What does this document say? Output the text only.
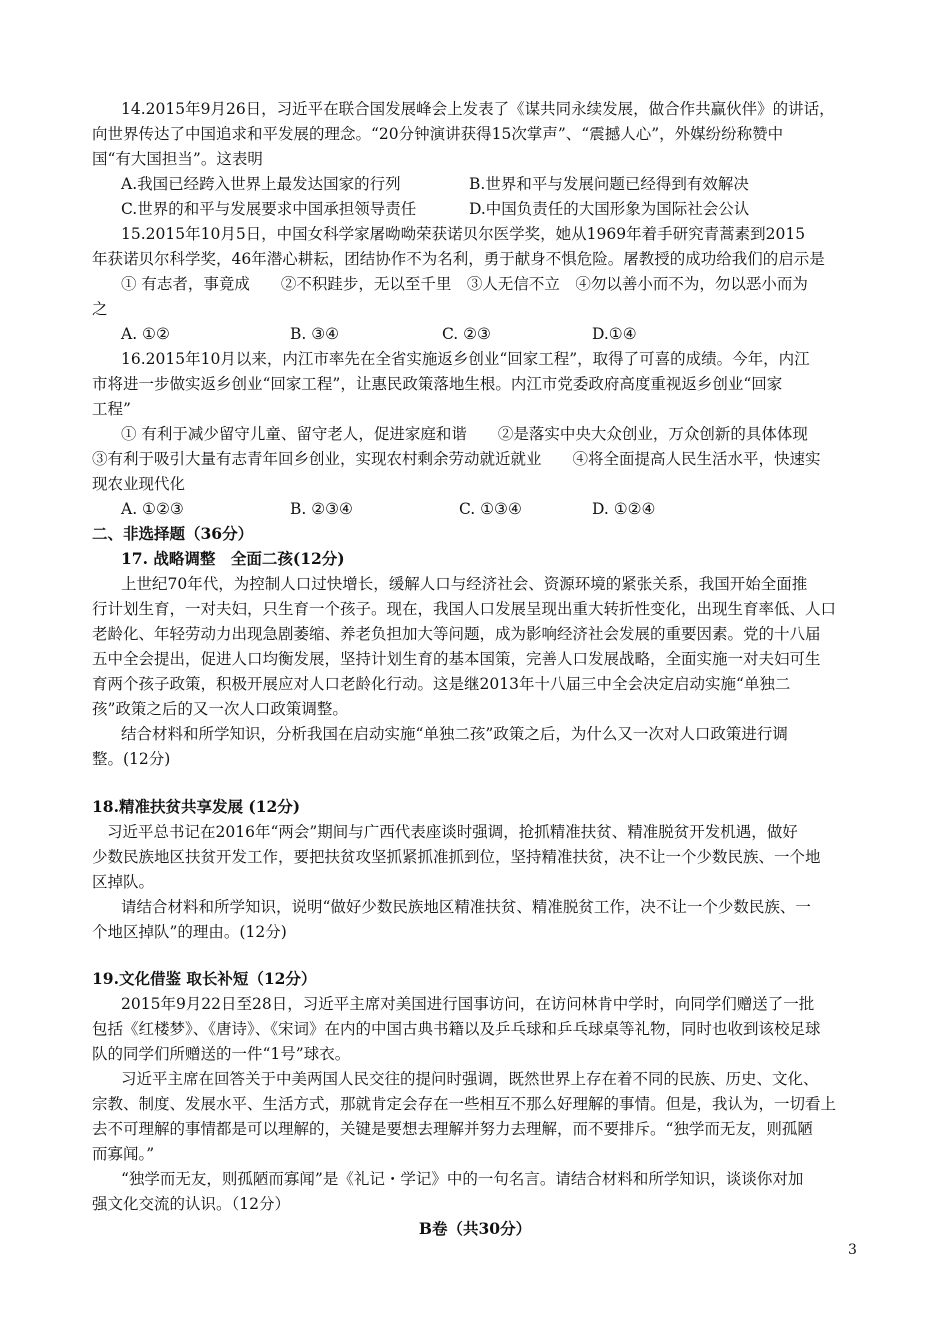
14.2015年9月26日，习近平在联合国发展峰会上发表了《谋共同永续发展，做合作共赢伙伴》的讲话，
向世界传达了中国追求和平发展的理念。“20分钟演讲获得15次掌声”、“震撼人心”，外媒纷纷称赞中
国“有大国担当”。这表明
A.我国已经跨入世界上最发达国家的行列	B.世界和平与发展问题已经得到有效解决
C.世界的和平与发展要求中国承担领导责任	D.中国负责任的大国形象为国际社会公认
15.2015年10月5日，中国女科学家屠呦呦荣获诺贝尔医学奖，她从1969年着手研究青蒿素到2015
年获诺贝尔科学奖，46年潜心耕耘，团结协作不为名利，勇于献身不惧危险。屠教授的成功给我们的启示是
① 有志者，事竟成　　②不积跬步，无以至千里　③人无信不立　④勿以善小而不为，勿以恶小而为
之
A. ①②	B. ③④	C. ②③	D.①④
16.2015年10月以来，内江市率先在全省实施返乡创业“回家工程”，取得了可喜的成绩。今年，内江
市将进一步做实返乡创业“回家工程”，让惠民政策落地生根。内江市党委政府高度重视返乡创业“回家
工程”
① 有利于减少留守儿童、留守老人，促进家庭和谐　　②是落实中央大众创业，万众创新的具体体现
③有利于吸引大量有志青年回乡创业，实现农村剩余劳动就近就业　　④将全面提高人民生活水平，快速实
现农业现代化
A. ①②③	B. ②③④	C. ①③④	D. ①②④
二、非选择题（36分）
17. 战略调整　全面二孩(12分)
上世纪70年代，为控制人口过快增长，缓解人口与经济社会、资源环境的紧张关系，我国开始全面推
行计划生育，一对夫妇，只生育一个孩子。现在，我国人口发展呈现出重大转折性变化，出现生育率低、人口
老龄化、年轻劳动力出现急剧萎缩、养老负担加大等问题，成为影响经济社会发展的重要因素。党的十八届
五中全会提出，促进人口均衡发展，坚持计划生育的基本国策，完善人口发展战略，全面实施一对夫妇可生
育两个孩子政策，积极开展应对人口老龄化行动。这是继2013年十八届三中全会决定启动实施“单独二
孩”政策之后的又一次人口政策调整。
结合材料和所学知识，分析我国在启动实施“单独二孩”政策之后，为什么又一次对人口政策进行调
整。(12分)
18.精准扶贫共享发展 (12分)
习近平总书记在2016年“两会”期间与广西代表座谈时强调，抢抓精准扶贫、精准脱贫开发机遇，做好
少数民族地区扶贫开发工作，要把扶贫攻坚抓紧抓准抓到位，坚持精准扶贫，决不让一个少数民族、一个地
区掉队。
请结合材料和所学知识，说明“做好少数民族地区精准扶贫、精准脱贫工作，决不让一个少数民族、一
个地区掉队”的理由。(12分)
19.文化借鉴 取长补短（12分）
2015年9月22日至28日，习近平主席对美国进行国事访问，在访问林肯中学时，向同学们赠送了一批
包括《红楼梦》、《唐诗》、《宋词》在内的中国古典书籍以及乒乓球和乒乓球桌等礼物，同时也收到该校足球
队的同学们所赠送的一件“1号”球衣。
习近平主席在回答关于中美两国人民交往的提问时强调，既然世界上存在着不同的民族、历史、文化、
宗教、制度、发展水平、生活方式，那就肯定会存在一些相互不那么好理解的事情。但是，我认为，一切看上
去不可理解的事情都是可以理解的，关键是要想去理解并努力去理解，而不要排斥。“独学而无友，则孤陋
而寡闻。”
“独学而无友，则孤陋而寡闻”是《礼记・学记》中的一句名言。请结合材料和所学知识，谈谈你对加
强文化交流的认识。（12分）
B卷（共30分）
3
